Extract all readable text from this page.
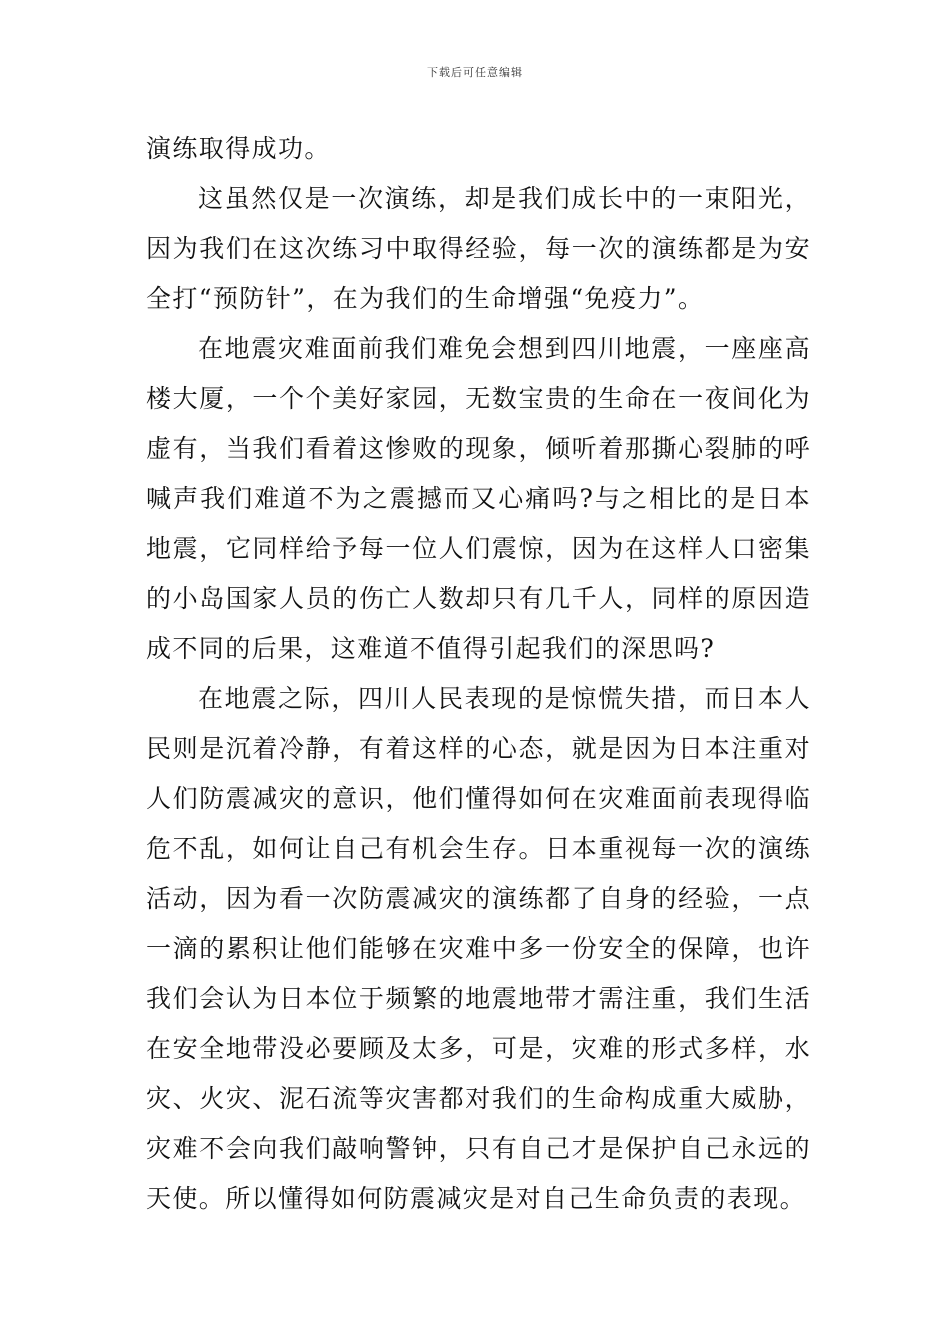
下载后可任意编辑

演练取得成功。

这虽然仅是一次演练，却是我们成长中的一束阳光，因为我们在这次练习中取得经验，每一次的演练都是为安全打“预防针”，在为我们的生命增强“免疫力”。

在地震灾难面前我们难免会想到四川地震，一座座高楼大厦，一个个美好家园，无数宝贵的生命在一夜间化为虚有，当我们看着这惨败的现象，倾听着那撕心裂肺的呼喊声我们难道不为之震撼而又心痛吗?与之相比的是日本地震，它同样给予每一位人们震惊，因为在这样人口密集的小岛国家人员的伤亡人数却只有几千人，同样的原因造成不同的后果，这难道不值得引起我们的深思吗?

在地震之际，四川人民表现的是惊慌失措，而日本人民则是沉着冷静，有着这样的心态，就是因为日本注重对人们防震减灾的意识，他们懂得如何在灾难面前表现得临危不乱，如何让自己有机会生存。日本重视每一次的演练活动，因为看一次防震减灾的演练都了自身的经验，一点一滴的累积让他们能够在灾难中多一份安全的保障，也许我们会认为日本位于频繁的地震地带才需注重，我们生活在安全地带没必要顾及太多，可是，灾难的形式多样，水灾、火灾、泥石流等灾害都对我们的生命构成重大威胁，灾难不会向我们敲响警钟，只有自己才是保护自己永远的天使。所以懂得如何防震减灾是对自己生命负责的表现。
